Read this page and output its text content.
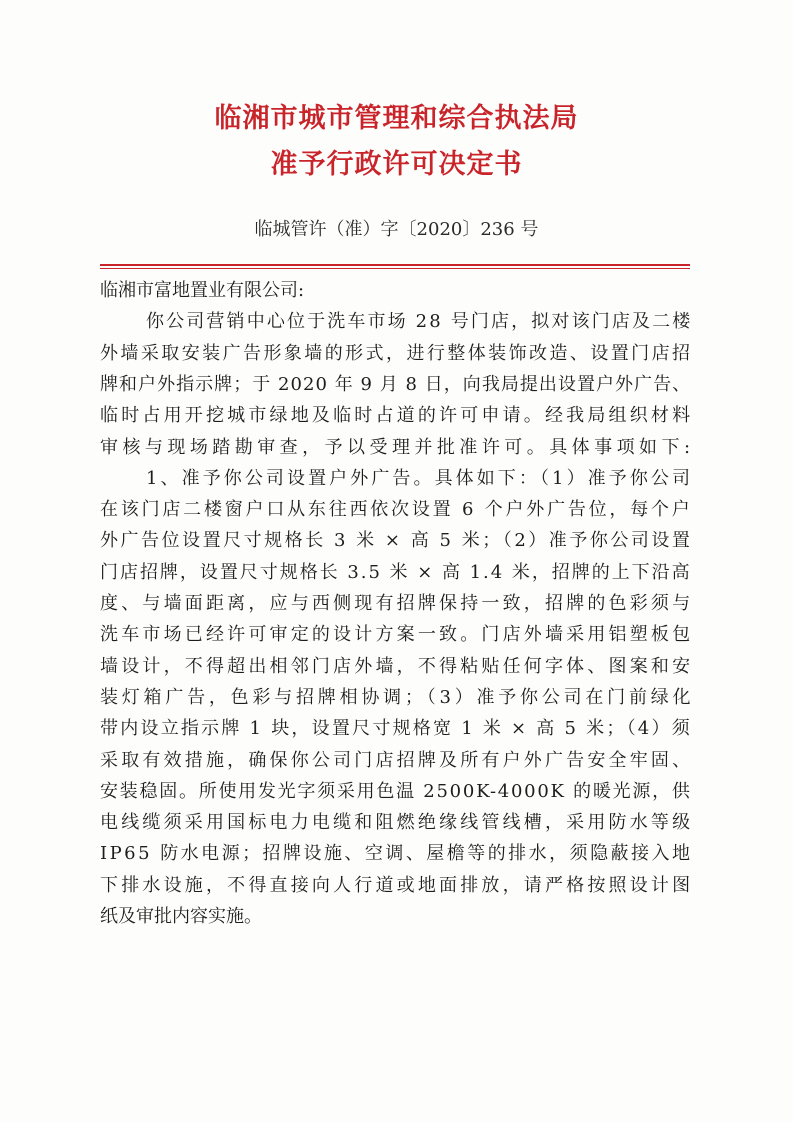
临湘市城市管理和综合执法局
准予行政许可决定书
临城管许（准）字〔2020〕236 号
临湘市富地置业有限公司:
你公司营销中心位于洗车市场 28 号门店，拟对该门店及二楼
外墙采取安装广告形象墙的形式，进行整体装饰改造、设置门店招
牌和户外指示牌；于 2020 年 9 月 8 日，向我局提出设置户外广告、
临时占用开挖城市绿地及临时占道的许可申请。经我局组织材料
审核与现场踏勘审查，予以受理并批准许可。具体事项如下:
1、准予你公司设置户外广告。具体如下：（1）准予你公司
在该门店二楼窗户口从东往西依次设置 6 个户外广告位，每个户
外广告位设置尺寸规格长 3 米 × 高 5 米；（2）准予你公司设置
门店招牌，设置尺寸规格长 3.5 米 × 高 1.4 米，招牌的上下沿高
度、与墙面距离，应与西侧现有招牌保持一致，招牌的色彩须与
洗车市场已经许可审定的设计方案一致。门店外墙采用铝塑板包
墙设计，不得超出相邻门店外墙，不得粘贴任何字体、图案和安
装灯箱广告，色彩与招牌相协调；（3）准予你公司在门前绿化
带内设立指示牌 1 块，设置尺寸规格宽 1 米 × 高 5 米；（4）须
采取有效措施，确保你公司门店招牌及所有户外广告安全牢固、
安装稳固。所使用发光字须采用色温 2500K-4000K 的暖光源，供
电线缆须采用国标电力电缆和阻燃绝缘线管线槽，采用防水等级
IP65 防水电源；招牌设施、空调、屋檐等的排水，须隐蔽接入地
下排水设施，不得直接向人行道或地面排放，请严格按照设计图
纸及审批内容实施。
